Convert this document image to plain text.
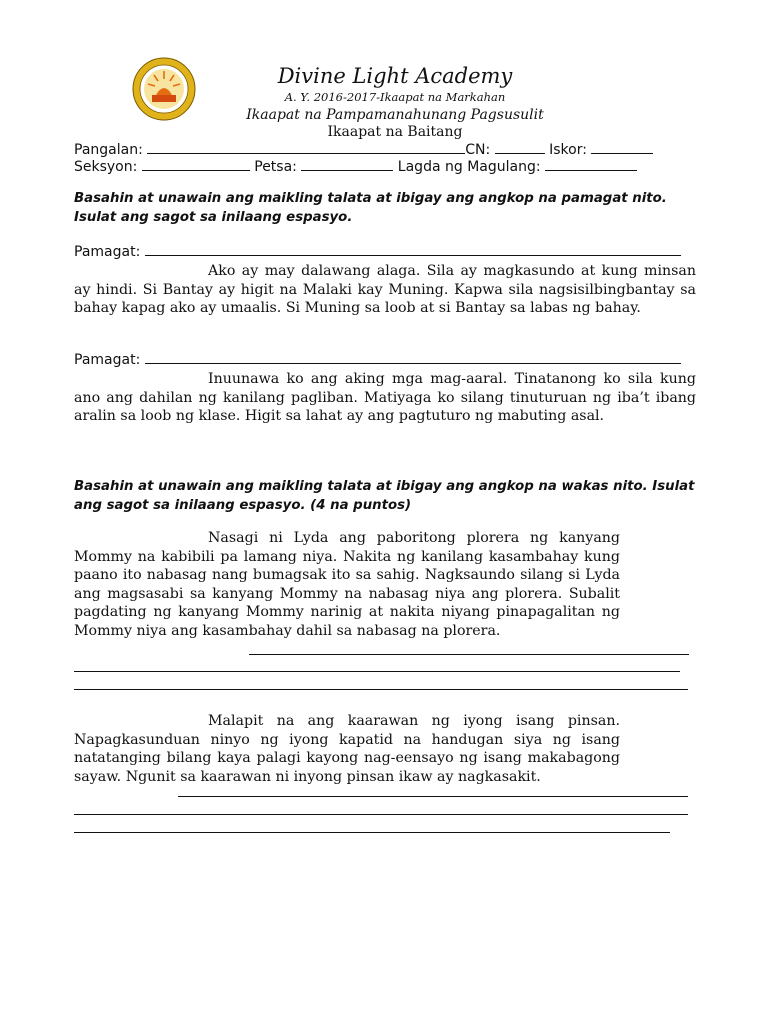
Divine Light Academy
A. Y. 2016-2017-Ikaapat na Markahan
Ikaapat na Pampamanahunang Pagsusulit
Ikaapat na Baitang
Pangalan:	CN:	Iskor:
Seksyon:	Petsa:	Lagda ng Magulang:
Basahin at unawain ang maikling talata at ibigay ang angkop na pamagat nito. Isulat ang sagot sa inilaang espasyo.
Pamagat:

Ako ay may dalawang alaga. Sila ay magkasundo at kung minsan ay hindi. Si Bantay ay higit na Malaki kay Muning. Kapwa sila nagsisilbingbantay sa bahay kapag ako ay umaalis. Si Muning sa loob at si Bantay sa labas ng bahay.

Pamagat:

Inuunawa ko ang aking mga mag-aaral. Tinatanong ko sila kung ano ang dahilan ng kanilang pagliban. Matiyaga ko silang tinuturuan ng iba’t ibang aralin sa loob ng klase. Higit sa lahat ay ang pagtuturo ng mabuting asal.

Basahin at unawain ang maikling talata at ibigay ang angkop na wakas nito. Isulat ang sagot sa inilaang espasyo. (4 na puntos)

Nasagi ni Lyda ang paboritong plorera ng kanyang Mommy na kabibili pa lamang niya. Nakita ng kanilang kasambahay kung paano ito nabasag nang bumagsak ito sa sahig. Nagksaundo silang si Lyda ang magsasabi sa kanyang Mommy na nabasag niya ang plorera. Subalit pagdating ng kanyang Mommy narinig at nakita niyang pinapagalitan ng Mommy niya ang kasambahay dahil sa nabasag na plorera.

Malapit na ang kaarawan ng iyong isang pinsan. Napagkasunduan ninyo ng iyong kapatid na handugan siya ng isang natatanging bilang kaya palagi kayong nag-eensayo ng isang makabagong sayaw. Ngunit sa kaarawan ni inyong pinsan ikaw ay nagkasakit.
